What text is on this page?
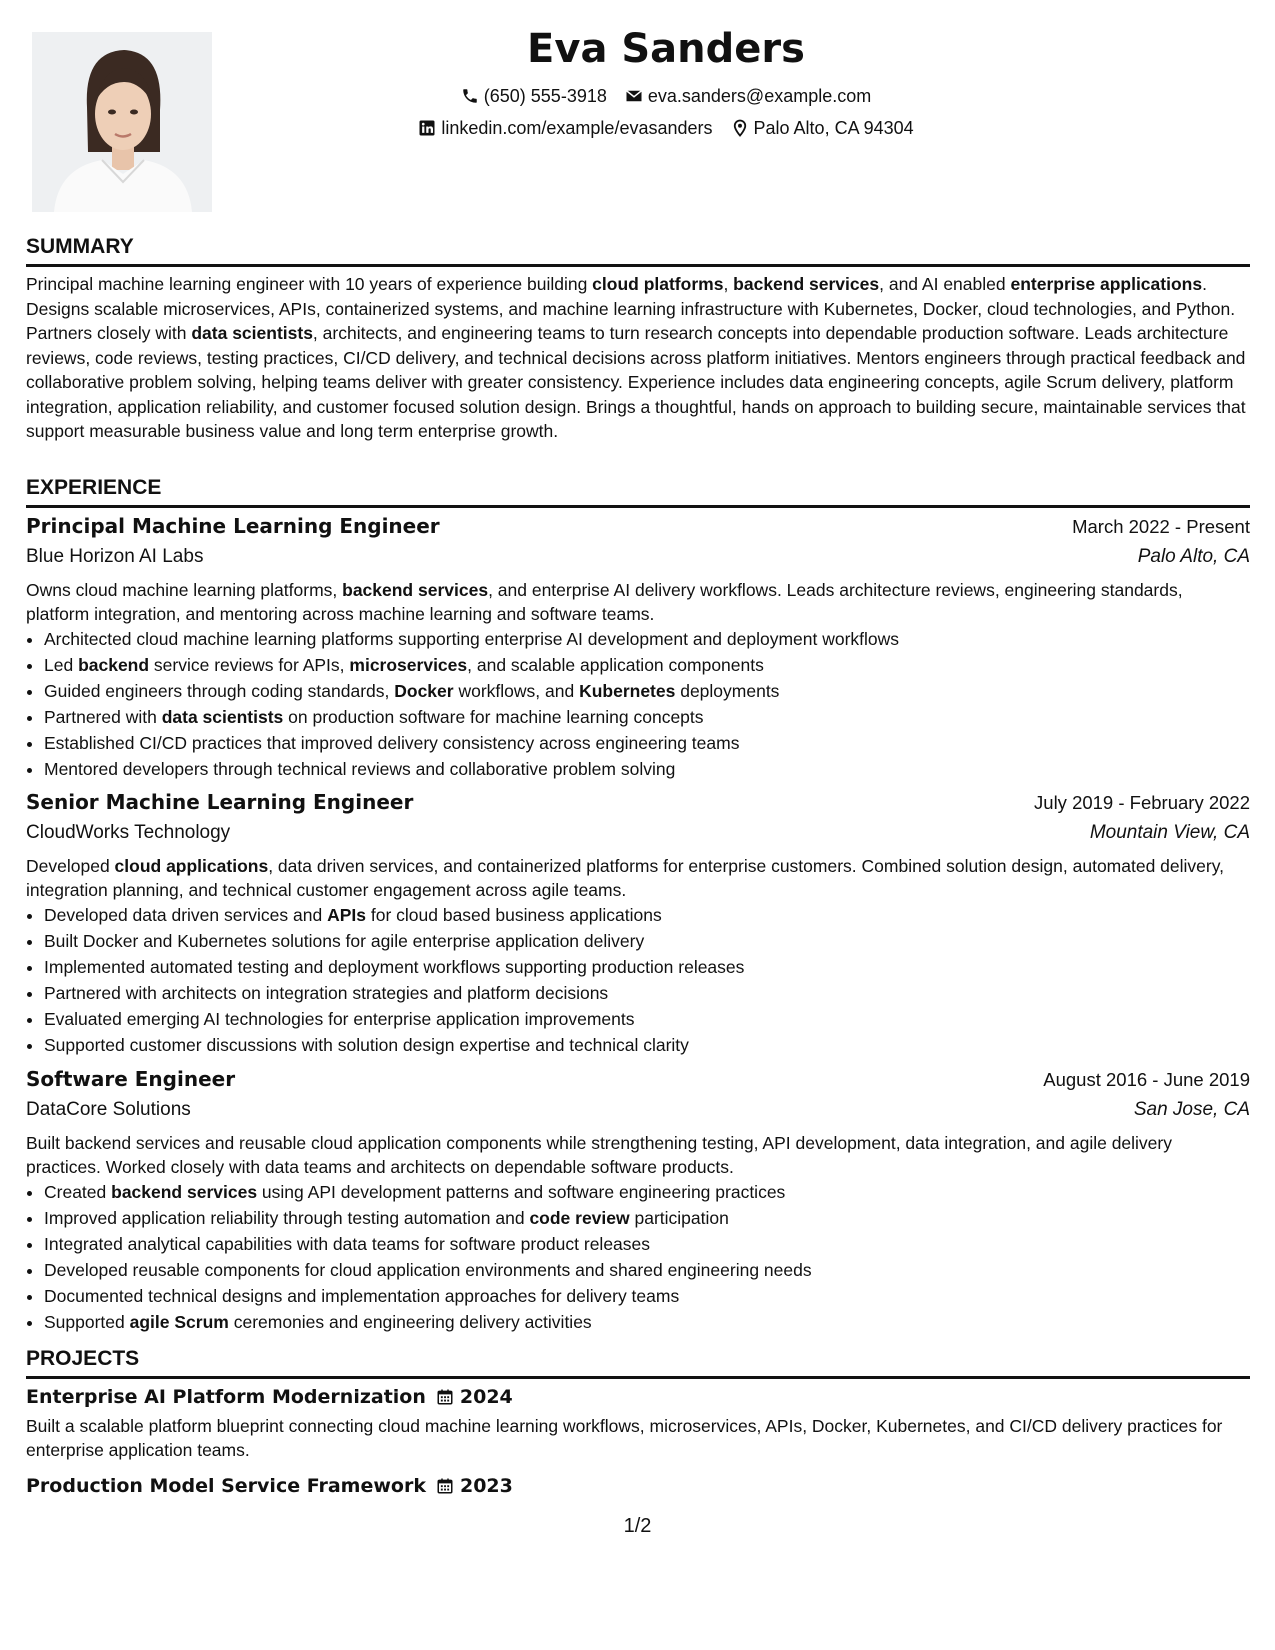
Eva Sanders
(650) 555-3918 eva.sanders@example.com
linkedin.com/example/evasanders Palo Alto, CA 94304
SUMMARY

Principal machine learning engineer with 10 years of experience building cloud platforms, backend services, and AI enabled enterprise applications. Designs scalable microservices, APIs, containerized systems, and machine learning infrastructure with Kubernetes, Docker, cloud technologies, and Python. Partners closely with data scientists, architects, and engineering teams to turn research concepts into dependable production software. Leads architecture reviews, code reviews, testing practices, CI/CD delivery, and technical decisions across platform initiatives. Mentors engineers through practical feedback and collaborative problem solving, helping teams deliver with greater consistency. Experience includes data engineering concepts, agile Scrum delivery, platform integration, application reliability, and customer focused solution design. Brings a thoughtful, hands on approach to building secure, maintainable services that support measurable business value and long term enterprise growth.

EXPERIENCE
Principal Machine Learning Engineer	March 2022 - Present
Blue Horizon AI Labs	Palo Alto, CA
Owns cloud machine learning platforms, backend services, and enterprise AI delivery workflows. Leads architecture reviews, engineering standards, platform integration, and mentoring across machine learning and software teams.
• Architected cloud machine learning platforms supporting enterprise AI development and deployment workflows
• Led backend service reviews for APIs, microservices, and scalable application components
• Guided engineers through coding standards, Docker workflows, and Kubernetes deployments
• Partnered with data scientists on production software for machine learning concepts
• Established CI/CD practices that improved delivery consistency across engineering teams
• Mentored developers through technical reviews and collaborative problem solving
Senior Machine Learning Engineer	July 2019 - February 2022
CloudWorks Technology	Mountain View, CA
Developed cloud applications, data driven services, and containerized platforms for enterprise customers. Combined solution design, automated delivery, integration planning, and technical customer engagement across agile teams.
• Developed data driven services and APIs for cloud based business applications
• Built Docker and Kubernetes solutions for agile enterprise application delivery
• Implemented automated testing and deployment workflows supporting production releases
• Partnered with architects on integration strategies and platform decisions
• Evaluated emerging AI technologies for enterprise application improvements
• Supported customer discussions with solution design expertise and technical clarity
Software Engineer	August 2016 - June 2019
DataCore Solutions	San Jose, CA
Built backend services and reusable cloud application components while strengthening testing, API development, data integration, and agile delivery practices. Worked closely with data teams and architects on dependable software products.
• Created backend services using API development patterns and software engineering practices
• Improved application reliability through testing automation and code review participation
• Integrated analytical capabilities with data teams for software product releases
• Developed reusable components for cloud application environments and shared engineering needs
• Documented technical designs and implementation approaches for delivery teams
• Supported agile Scrum ceremonies and engineering delivery activities
PROJECTS
Enterprise AI Platform Modernization 2024
Built a scalable platform blueprint connecting cloud machine learning workflows, microservices, APIs, Docker, Kubernetes, and CI/CD delivery practices for enterprise application teams.
Production Model Service Framework 2023
1/2
